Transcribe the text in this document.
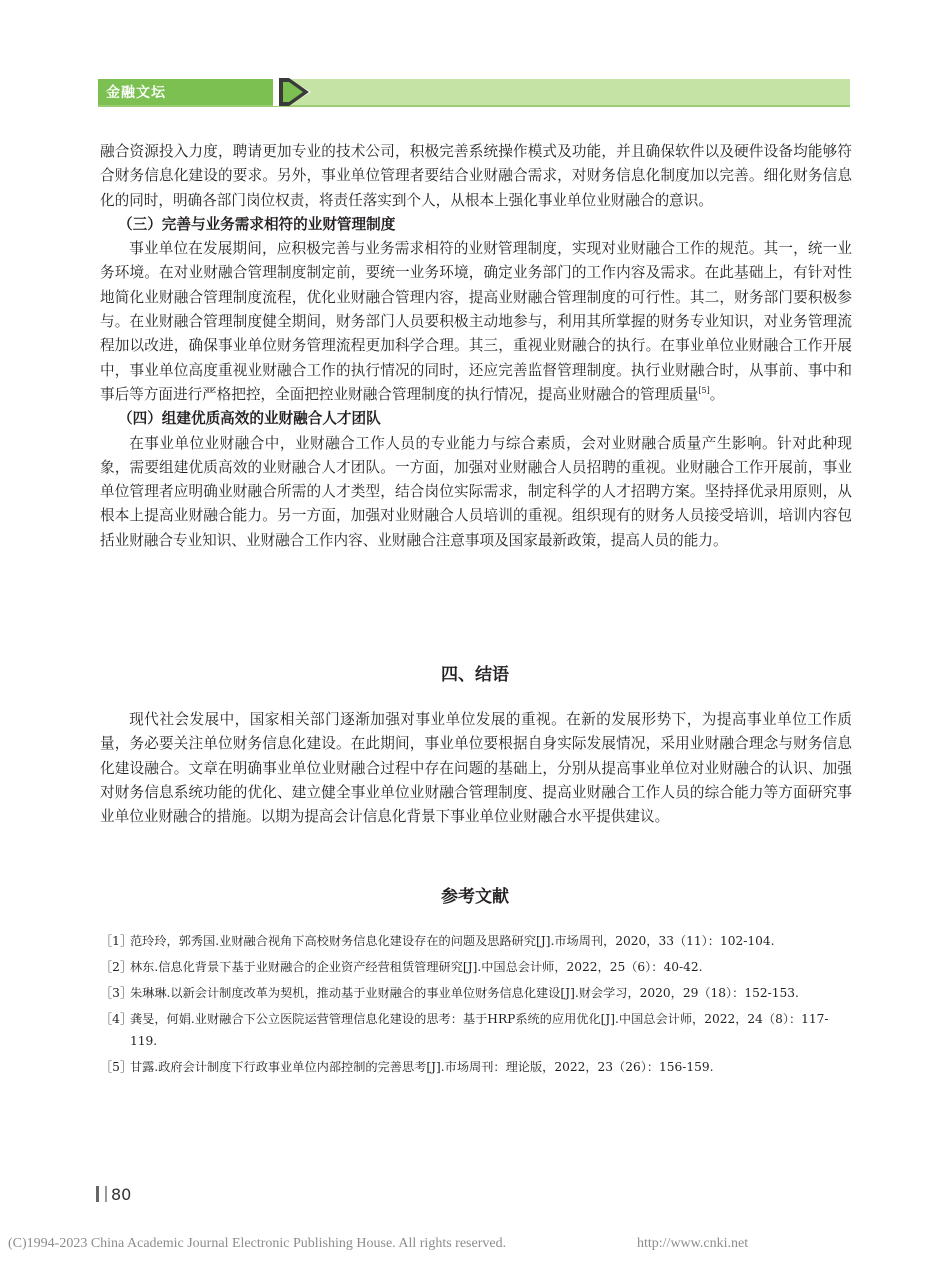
金融文坛

融合资源投入力度，聘请更加专业的技术公司，积极完善系统操作模式及功能，并且确保软件以及硬件设备均能够符合财务信息化建设的要求。另外，事业单位管理者要结合业财融合需求，对财务信息化制度加以完善。细化财务信息化的同时，明确各部门岗位权责，将责任落实到个人，从根本上强化事业单位业财融合的意识。

（三）完善与业务需求相符的业财管理制度

事业单位在发展期间，应积极完善与业务需求相符的业财管理制度，实现对业财融合工作的规范。其一，统一业务环境。在对业财融合管理制度制定前，要统一业务环境，确定业务部门的工作内容及需求。在此基础上，有针对性地简化业财融合管理制度流程，优化业财融合管理内容，提高业财融合管理制度的可行性。其二，财务部门要积极参与。在业财融合管理制度健全期间，财务部门人员要积极主动地参与，利用其所掌握的财务专业知识，对业务管理流程加以改进，确保事业单位财务管理流程更加科学合理。其三，重视业财融合的执行。在事业单位业财融合工作开展中，事业单位高度重视业财融合工作的执行情况的同时，还应完善监督管理制度。执行业财融合时，从事前、事中和事后等方面进行严格把控，全面把控业财融合管理制度的执行情况，提高业财融合的管理质量[5]。

（四）组建优质高效的业财融合人才团队

在事业单位业财融合中，业财融合工作人员的专业能力与综合素质，会对业财融合质量产生影响。针对此种现象，需要组建优质高效的业财融合人才团队。一方面，加强对业财融合人员招聘的重视。业财融合工作开展前，事业单位管理者应明确业财融合所需的人才类型，结合岗位实际需求，制定科学的人才招聘方案。坚持择优录用原则，从根本上提高业财融合能力。另一方面，加强对业财融合人员培训的重视。组织现有的财务人员接受培训，培训内容包括业财融合专业知识、业财融合工作内容、业财融合注意事项及国家最新政策，提高人员的能力。

四、结语

现代社会发展中，国家相关部门逐渐加强对事业单位发展的重视。在新的发展形势下，为提高事业单位工作质量，务必要关注单位财务信息化建设。在此期间，事业单位要根据自身实际发展情况，采用业财融合理念与财务信息化建设融合。文章在明确事业单位业财融合过程中存在问题的基础上，分别从提高事业单位对业财融合的认识、加强对财务信息系统功能的优化、建立健全事业单位业财融合管理制度、提高业财融合工作人员的综合能力等方面研究事业单位业财融合的措施。以期为提高会计信息化背景下事业单位业财融合水平提供建议。

参考文献
［1］
范玲玲，郭秀国.业财融合视角下高校财务信息化建设存在的问题及思路研究[J].市场周刊，2020，33（11）：102-104.
［2］
林东.信息化背景下基于业财融合的企业资产经营租赁管理研究[J].中国总会计师，2022，25（6）：40-42.
［3］
朱琳琳.以新会计制度改革为契机，推动基于业财融合的事业单位财务信息化建设[J].财会学习，2020，29（18）：152-153.
［4］
龚旻，何娟.业财融合下公立医院运营管理信息化建设的思考：基于HRP系统的应用优化[J].中国总会计师，2022，24（8）：117-119.
［5］
甘露.政府会计制度下行政事业单位内部控制的完善思考[J].市场周刊：理论版，2022，23（26）：156-159.
80
(C)1994-2023 China Academic Journal Electronic Publishing House. All rights reserved.	http://www.cnki.net
